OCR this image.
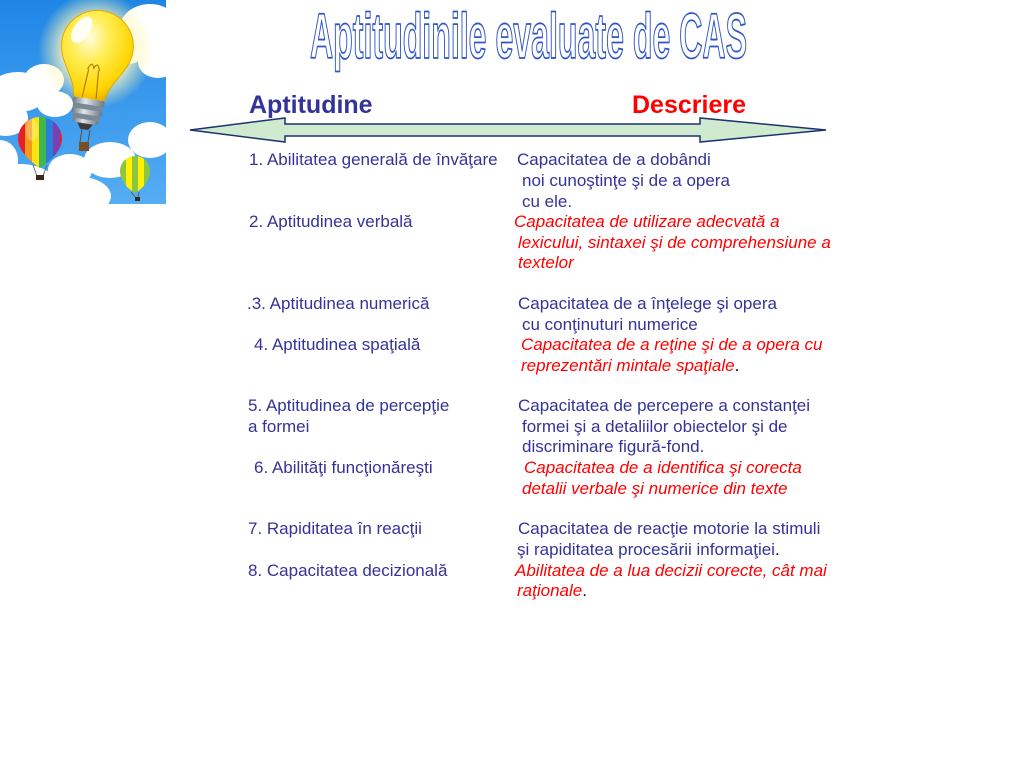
Aptitudinile evaluate de CAS
Aptitudine	Descriere
1. Abilitatea generală de învăţare
2. Aptitudinea verbală
.3. Aptitudinea numerică
4. Aptitudinea spaţială
5. Aptitudinea de percepţie
a formei
6. Abilităţi funcţionăreşti
7. Rapiditatea în reacţii
8. Capacitatea decizională
Capacitatea de a dobândi
noi cunoştinţe şi de a opera
cu ele.
Capacitatea de utilizare adecvată a
lexicului, sintaxei şi de comprehensiune a
textelor
Capacitatea de a înţelege şi opera
cu conţinuturi numerice
Capacitatea de a reţine şi de a opera cu
reprezentări mintale spaţiale.
Capacitatea de percepere a constanţei
formei şi a detaliilor obiectelor şi de
discriminare figură-fond.
Capacitatea de a identifica şi corecta
detalii verbale şi numerice din texte
Capacitatea de reacţie motorie la stimuli
şi rapiditatea procesării informaţiei.
Abilitatea de a lua decizii corecte, cât mai
raţionale.
